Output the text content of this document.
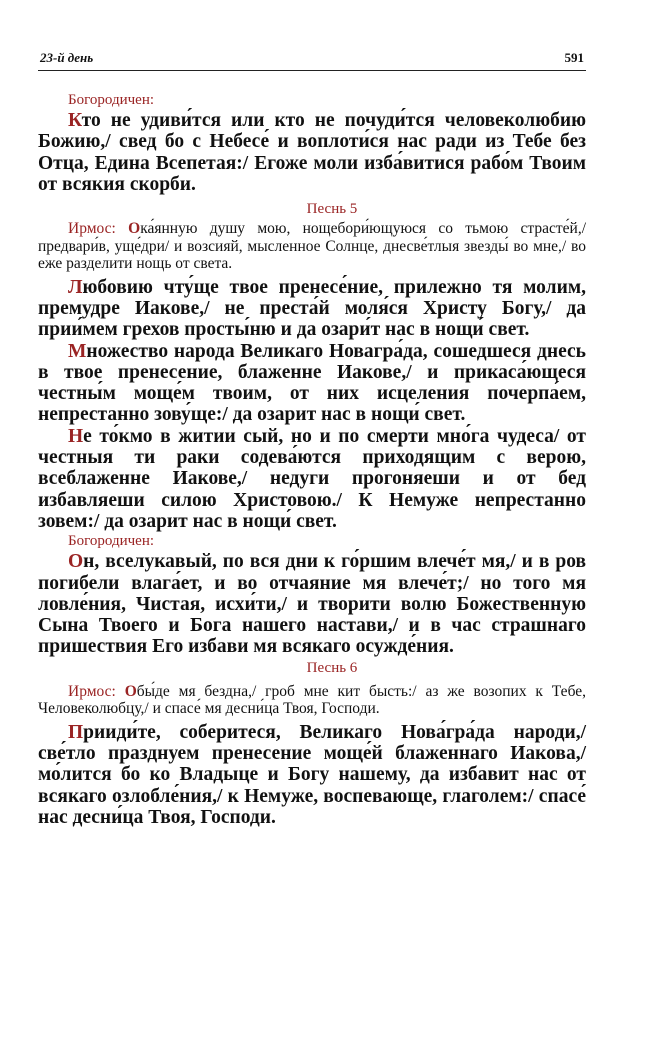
23-й день	591
Богородичен:

Кто не удиви́тся или кто не почуди́тся человеколюбию Божию,/ свед бо с Небесе́ и воплоти́ся нас ради из Тебе без Отца, Едина Всепетая:/ Егоже моли изба́витися рабо́м Твоим от всякия скорби.

Песнь 5

Ирмос: Ока́янную душу мою, нощебори́ющуюся со тьмою страсте́й,/ предвари́в, уще́дри/ и возсияй, мысленное Солнце, днесве́тлыя звезды́ во мне,/ во еже разделити нощь от света.

Любовию чту́ще твое пренесе́ние, прилежно тя молим, премудре Иакове,/ не преста́й моля́ся Христу Богу,/ да прии́мем грехов просты́ню и да озари́т нас в нощи́ свет.

Множество народа Великаго Новагра́да, сошедшеся днесь в твое пренесение, блаженне Иакове,/ и прикаса́ющеся честны́м моще́м твоим, от них исцеления почерпа́ем, непрестанно зову́ще:/ да озарит нас в нощи́ свет.

Не то́кмо в житии сый, но и по смерти мно́га чудеса/ от честныя ти раки содева́ются приходящим с верою, всеблаженне Иакове,/ недуги прогоняеши и от бед избавляеши силою Христовою./ К Немуже непрестанно зовем:/ да озарит нас в нощи́ свет.

Богородичен:

Он, вселукавый, по вся дни к го́ршим влече́т мя,/ и в ров погибели влага́ет, и во отчаяние мя влече́т;/ но того мя ловле́ния, Чистая, исхи́ти,/ и творити волю Божественную Сына Твоего и Бога нашего настави,/ и в час страшнаго пришествия Его избави мя всякаго осужде́ния.

Песнь 6

Ирмос: Обы́де мя бездна,/ гроб мне кит бысть:/ аз же возопих к Тебе, Человеколюбцу,/ и спасе́ мя десни́ца Твоя, Господи.

Прииди́те, соберитеся, Великаго Нова́гра́да народи,/ све́тло празднуем пренесение моще́й блаженнаго Иакова,/ мо́лится бо ко Владыце и Богу нашему, да избавит нас от всякаго озлобле́ния,/ к Немуже, воспевающе, глаголем:/ спасе́ нас десни́ца Твоя, Господи.
